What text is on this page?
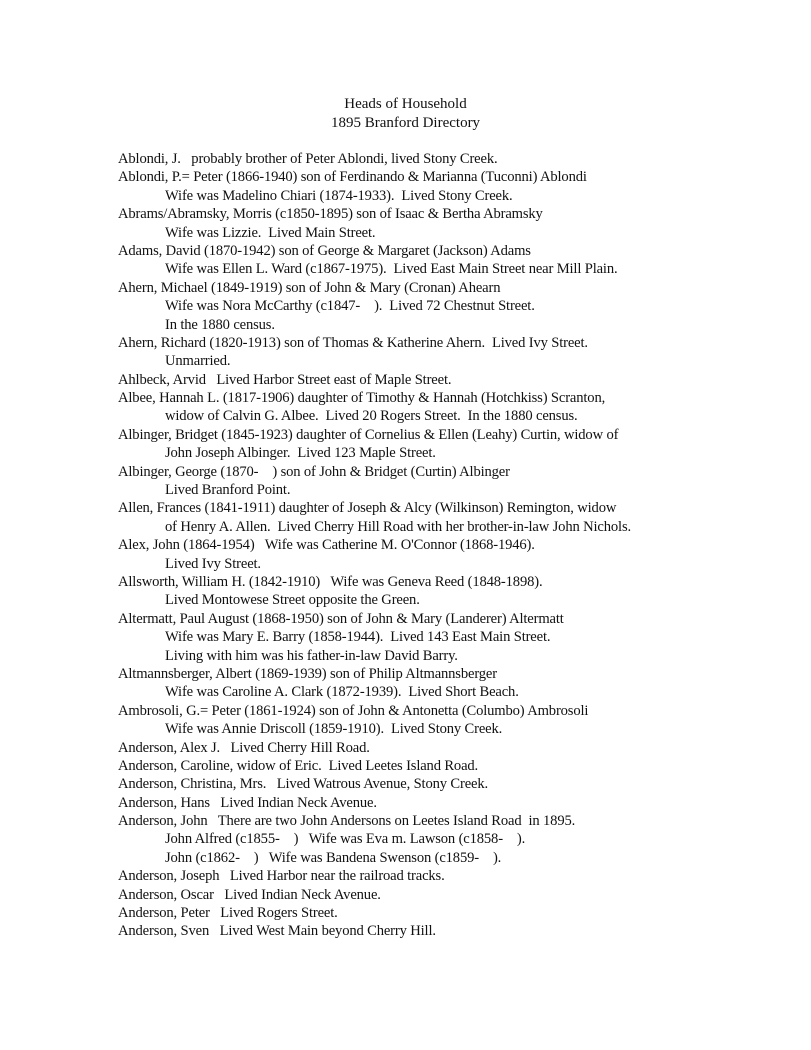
Heads of Household
1895 Branford Directory
Ablondi, J.   probably brother of Peter Ablondi, lived Stony Creek.
Ablondi, P.= Peter (1866-1940) son of Ferdinando & Marianna (Tuconni) Ablondi
Wife was Madelino Chiari (1874-1933).  Lived Stony Creek.
Abrams/Abramsky, Morris (c1850-1895) son of Isaac & Bertha Abramsky
Wife was Lizzie.  Lived Main Street.
Adams, David (1870-1942) son of George & Margaret (Jackson) Adams
Wife was Ellen L. Ward (c1867-1975).  Lived East Main Street near Mill Plain.
Ahern, Michael (1849-1919) son of John & Mary (Cronan) Ahearn
Wife was Nora McCarthy (c1847-    ).  Lived 72 Chestnut Street.
In the 1880 census.
Ahern, Richard (1820-1913) son of Thomas & Katherine Ahern.  Lived Ivy Street.
Unmarried.
Ahlbeck, Arvid   Lived Harbor Street east of Maple Street.
Albee, Hannah L. (1817-1906) daughter of Timothy & Hannah (Hotchkiss) Scranton,
widow of Calvin G. Albee.  Lived 20 Rogers Street.  In the 1880 census.
Albinger, Bridget (1845-1923) daughter of Cornelius & Ellen (Leahy) Curtin, widow of
John Joseph Albinger.  Lived 123 Maple Street.
Albinger, George (1870-    ) son of John & Bridget (Curtin) Albinger
Lived Branford Point.
Allen, Frances (1841-1911) daughter of Joseph & Alcy (Wilkinson) Remington, widow
of Henry A. Allen.  Lived Cherry Hill Road with her brother-in-law John Nichols.
Alex, John (1864-1954)   Wife was Catherine M. O'Connor (1868-1946).
Lived Ivy Street.
Allsworth, William H. (1842-1910)   Wife was Geneva Reed (1848-1898).
Lived Montowese Street opposite the Green.
Altermatt, Paul August (1868-1950) son of John & Mary (Landerer) Altermatt
Wife was Mary E. Barry (1858-1944).  Lived 143 East Main Street.
Living with him was his father-in-law David Barry.
Altmannsberger, Albert (1869-1939) son of Philip Altmannsberger
Wife was Caroline A. Clark (1872-1939).  Lived Short Beach.
Ambrosoli, G.= Peter (1861-1924) son of John & Antonetta (Columbo) Ambrosoli
Wife was Annie Driscoll (1859-1910).  Lived Stony Creek.
Anderson, Alex J.   Lived Cherry Hill Road.
Anderson, Caroline, widow of Eric.  Lived Leetes Island Road.
Anderson, Christina, Mrs.   Lived Watrous Avenue, Stony Creek.
Anderson, Hans   Lived Indian Neck Avenue.
Anderson, John   There are two John Andersons on Leetes Island Road  in 1895.
John Alfred (c1855-    )   Wife was Eva m. Lawson (c1858-    ).
John (c1862-    )   Wife was Bandena Swenson (c1859-    ).
Anderson, Joseph   Lived Harbor near the railroad tracks.
Anderson, Oscar   Lived Indian Neck Avenue.
Anderson, Peter   Lived Rogers Street.
Anderson, Sven   Lived West Main beyond Cherry Hill.
